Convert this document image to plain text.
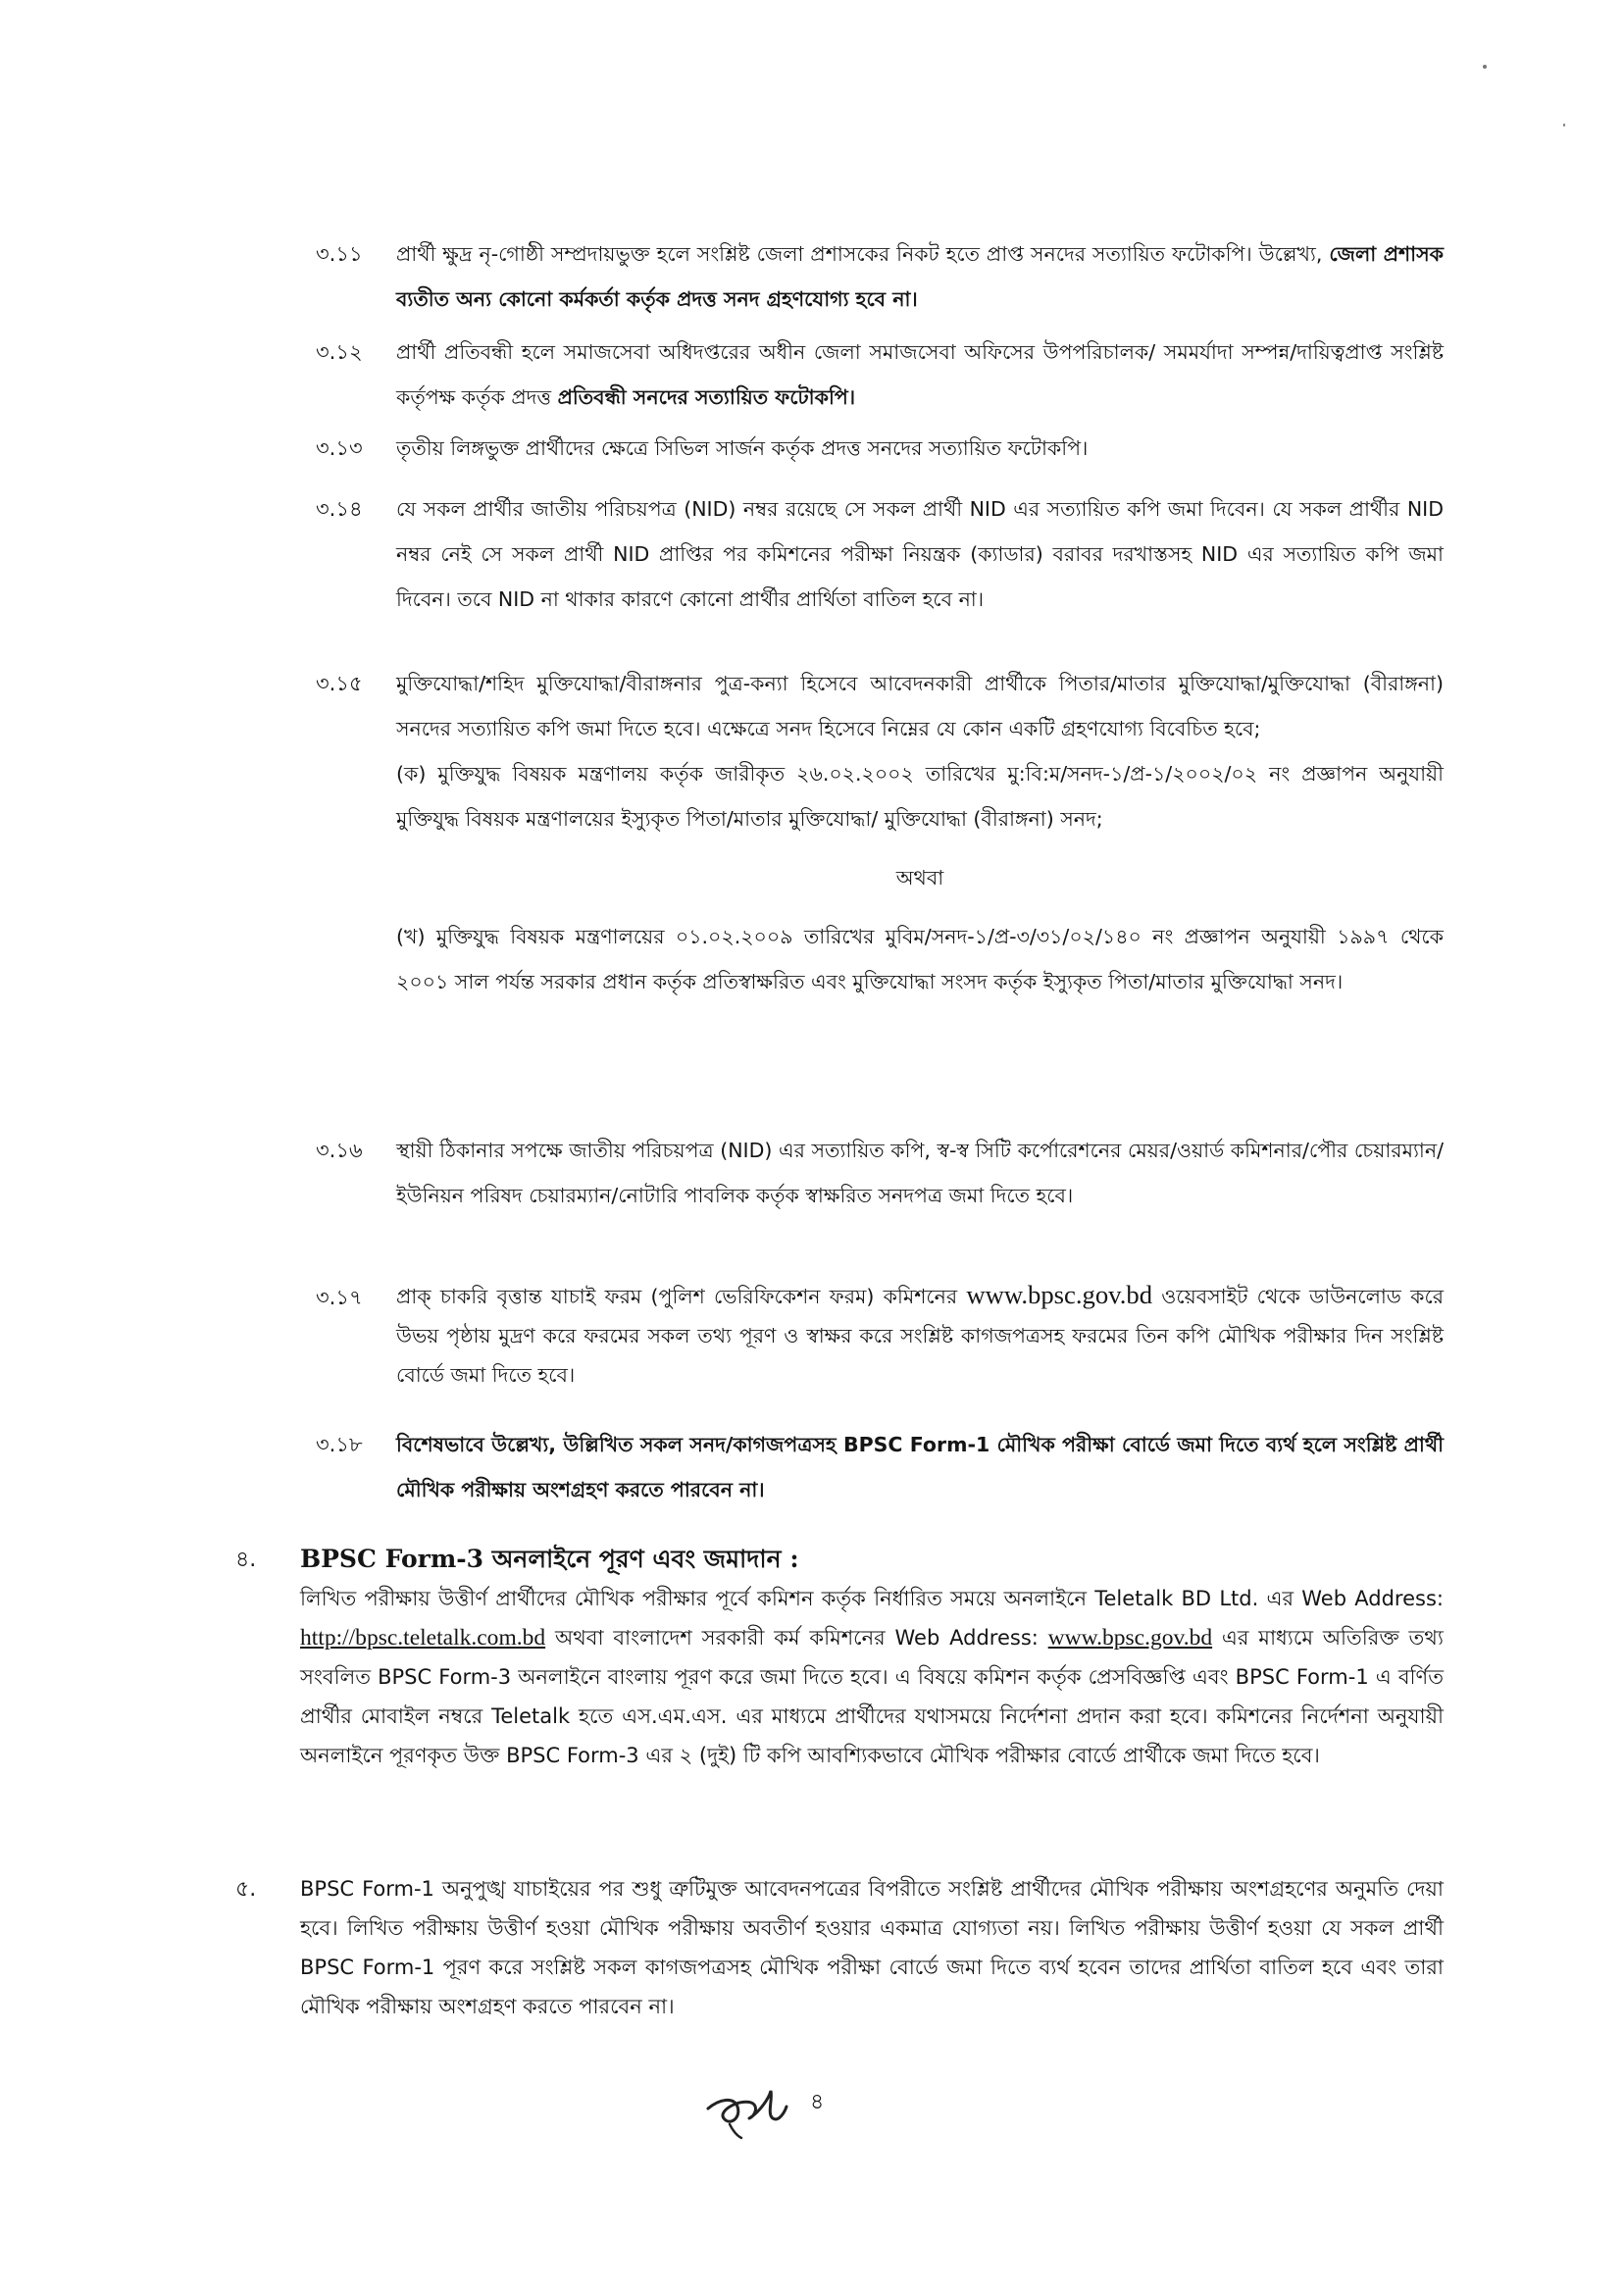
৩.১১ প্রার্থী ক্ষুদ্র নৃ-গোষ্ঠী সম্প্রদায়ভুক্ত হলে সংশ্লিষ্ট জেলা প্রশাসকের নিকট হতে প্রাপ্ত সনদের সত্যায়িত ফটোকপি। উল্লেখ্য, জেলা প্রশাসক ব্যতীত অন্য কোনো কর্মকর্তা কর্তৃক প্রদত্ত সনদ গ্রহণযোগ্য হবে না।
৩.১২ প্রার্থী প্রতিবন্ধী হলে সমাজসেবা অধিদপ্তরের অধীন জেলা সমাজসেবা অফিসের উপপরিচালক/ সমমর্যাদা সম্পন্ন/দায়িত্বপ্রাপ্ত সংশ্লিষ্ট কর্তৃপক্ষ কর্তৃক প্রদত্ত প্রতিবন্ধী সনদের সত্যায়িত ফটোকপি।
৩.১৩ তৃতীয় লিঙ্গভুক্ত প্রার্থীদের ক্ষেত্রে সিভিল সার্জন কর্তৃক প্রদত্ত সনদের সত্যায়িত ফটোকপি।
৩.১৪ যে সকল প্রার্থীর জাতীয় পরিচয়পত্র (NID) নম্বর রয়েছে সে সকল প্রার্থী NID এর সত্যায়িত কপি জমা দিবেন। যে সকল প্রার্থীর NID নম্বর নেই সে সকল প্রার্থী NID প্রাপ্তির পর কমিশনের পরীক্ষা নিয়ন্ত্রক (ক্যাডার) বরাবর দরখাস্তসহ NID এর সত্যায়িত কপি জমা দিবেন। তবে NID না থাকার কারণে কোনো প্রার্থীর প্রার্থিতা বাতিল হবে না।
৩.১৫ মুক্তিযোদ্ধা/শহিদ মুক্তিযোদ্ধা/বীরাঙ্গনার পুত্র-কন্যা হিসেবে আবেদনকারী প্রার্থীকে পিতার/মাতার মুক্তিযোদ্ধা/মুক্তিযোদ্ধা (বীরাঙ্গনা) সনদের সত্যায়িত কপি জমা দিতে হবে। এক্ষেত্রে সনদ হিসেবে নিম্নের যে কোন একটি গ্রহণযোগ্য বিবেচিত হবে;

(ক) মুক্তিযুদ্ধ বিষয়ক মন্ত্রণালয় কর্তৃক জারীকৃত ২৬.০২.২০০২ তারিখের মু:বি:ম/সনদ-১/প্র-১/২০০২/০২ নং প্রজ্ঞাপন অনুযায়ী মুক্তিযুদ্ধ বিষয়ক মন্ত্রণালয়ের ইস্যুকৃত পিতা/মাতার মুক্তিযোদ্ধা/ মুক্তিযোদ্ধা (বীরাঙ্গনা) সনদ;

অথবা

(খ) মুক্তিযুদ্ধ বিষয়ক মন্ত্রণালয়ের ০১.০২.২০০৯ তারিখের মুবিম/সনদ-১/প্র-৩/৩১/০২/১৪০ নং প্রজ্ঞাপন অনুযায়ী ১৯৯৭ থেকে ২০০১ সাল পর্যন্ত সরকার প্রধান কর্তৃক প্রতিস্বাক্ষরিত এবং মুক্তিযোদ্ধা সংসদ কর্তৃক ইস্যুকৃত পিতা/মাতার মুক্তিযোদ্ধা সনদ।

৩.১৬ স্থায়ী ঠিকানার সপক্ষে জাতীয় পরিচয়পত্র (NID) এর সত্যায়িত কপি, স্ব-স্ব সিটি কর্পোরেশনের মেয়র/ওয়ার্ড কমিশনার/পৌর চেয়ারম্যান/ইউনিয়ন পরিষদ চেয়ারম্যান/নোটারি পাবলিক কর্তৃক স্বাক্ষরিত সনদপত্র জমা দিতে হবে।
৩.১৭ প্রাক্ চাকরি বৃত্তান্ত যাচাই ফরম (পুলিশ ভেরিফিকেশন ফরম) কমিশনের www.bpsc.gov.bd ওয়েবসাইট থেকে ডাউনলোড করে উভয় পৃষ্ঠায় মুদ্রণ করে ফরমের সকল তথ্য পূরণ ও স্বাক্ষর করে সংশ্লিষ্ট কাগজপত্রসহ ফরমের তিন কপি মৌখিক পরীক্ষার দিন সংশ্লিষ্ট বোর্ডে জমা দিতে হবে।
৩.১৮ বিশেষভাবে উল্লেখ্য, উল্লিখিত সকল সনদ/কাগজপত্রসহ BPSC Form-1 মৌখিক পরীক্ষা বোর্ডে জমা দিতে ব্যর্থ হলে সংশ্লিষ্ট প্রার্থী মৌখিক পরীক্ষায় অংশগ্রহণ করতে পারবেন না।
৪. BPSC Form-3 অনলাইনে পূরণ এবং জমাদান :

লিখিত পরীক্ষায় উত্তীর্ণ প্রার্থীদের মৌখিক পরীক্ষার পূর্বে কমিশন কর্তৃক নির্ধারিত সময়ে অনলাইনে Teletalk BD Ltd. এর Web Address: http://bpsc.teletalk.com.bd অথবা বাংলাদেশ সরকারী কর্ম কমিশনের Web Address: www.bpsc.gov.bd এর মাধ্যমে অতিরিক্ত তথ্য সংবলিত BPSC Form-3 অনলাইনে বাংলায় পূরণ করে জমা দিতে হবে। এ বিষয়ে কমিশন কর্তৃক প্রেসবিজ্ঞপ্তি এবং BPSC Form-1 এ বর্ণিত প্রার্থীর মোবাইল নম্বরে Teletalk হতে এস.এম.এস. এর মাধ্যমে প্রার্থীদের যথাসময়ে নির্দেশনা প্রদান করা হবে। কমিশনের নির্দেশনা অনুযায়ী অনলাইনে পূরণকৃত উক্ত BPSC Form-3 এর ২ (দুই) টি কপি আবশ্যিকভাবে মৌখিক পরীক্ষার বোর্ডে প্রার্থীকে জমা দিতে হবে।

৫. BPSC Form-1 অনুপুঙ্খ যাচাইয়ের পর শুধু ত্রুটিমুক্ত আবেদনপত্রের বিপরীতে সংশ্লিষ্ট প্রার্থীদের মৌখিক পরীক্ষায় অংশগ্রহণের অনুমতি দেয়া হবে। লিখিত পরীক্ষায় উত্তীর্ণ হওয়া মৌখিক পরীক্ষায় অবতীর্ণ হওয়ার একমাত্র যোগ্যতা নয়। লিখিত পরীক্ষায় উত্তীর্ণ হওয়া যে সকল প্রার্থী BPSC Form-1 পূরণ করে সংশ্লিষ্ট সকল কাগজপত্রসহ মৌখিক পরীক্ষা বোর্ডে জমা দিতে ব্যর্থ হবেন তাদের প্রার্থিতা বাতিল হবে এবং তারা মৌখিক পরীক্ষায় অংশগ্রহণ করতে পারবেন না।
৪
